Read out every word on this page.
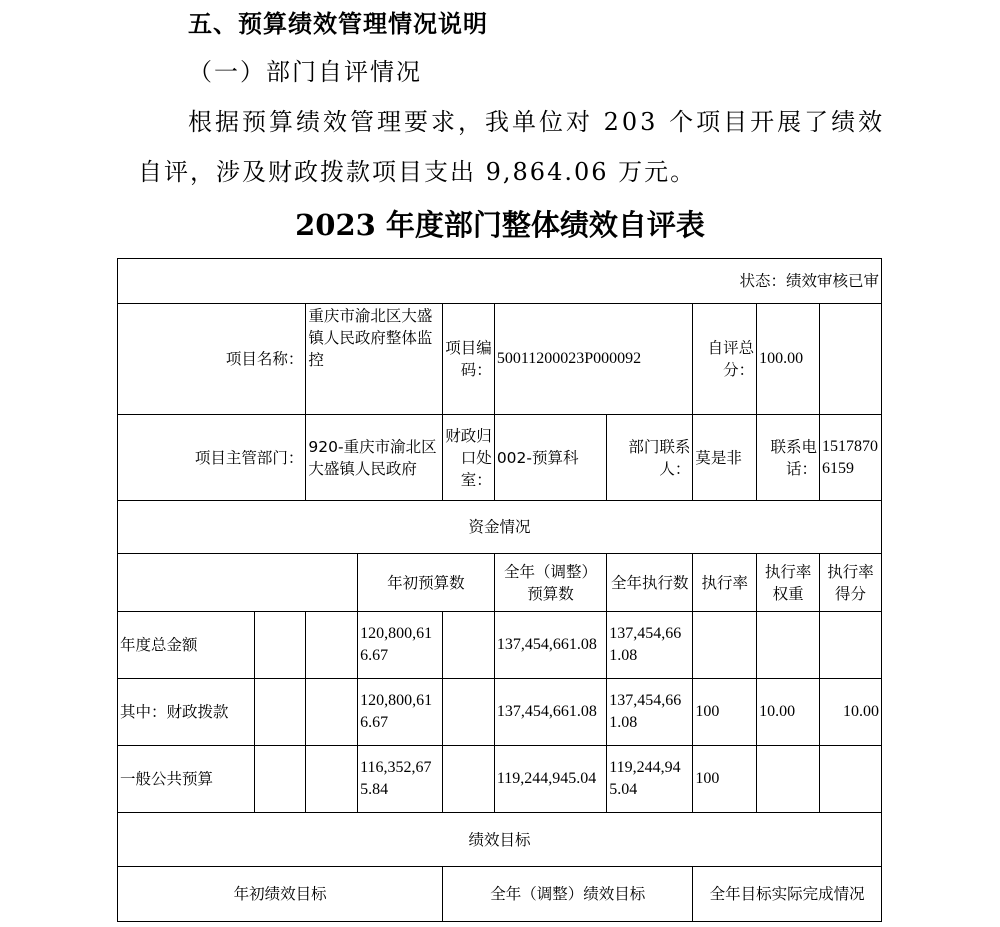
五、预算绩效管理情况说明

（一）部门自评情况

根据预算绩效管理要求，我单位对 203 个项目开展了绩效

自评，涉及财政拨款项目支出 9,864.06 万元。

2023 年度部门整体绩效自评表

状态：绩效审核已审									
项目名称：		重庆市渝北区大盛镇人民政府整体监控		项目编码：	50011200023P000092		自评总分：	100.00	
项目主管部门：		920-重庆市渝北区大盛镇人民政府		财政归口处室：	002-预算科	部门联系人：	莫是非	联系电话：	15178706159
资金情况									
			年初预算数		全年（调整）预算数	全年执行数	执行率	执行率权重	执行率得分
年度总金额			120,800,616.67		137,454,661.08	137,454,661.08			
其中：财政拨款			120,800,616.67		137,454,661.08	137,454,661.08	100	10.00	10.00
一般公共预算			116,352,675.84		119,244,945.04	119,244,945.04	100		
绩效目标									
年初绩效目标				全年（调整）绩效目标			全年目标实际完成情况		
